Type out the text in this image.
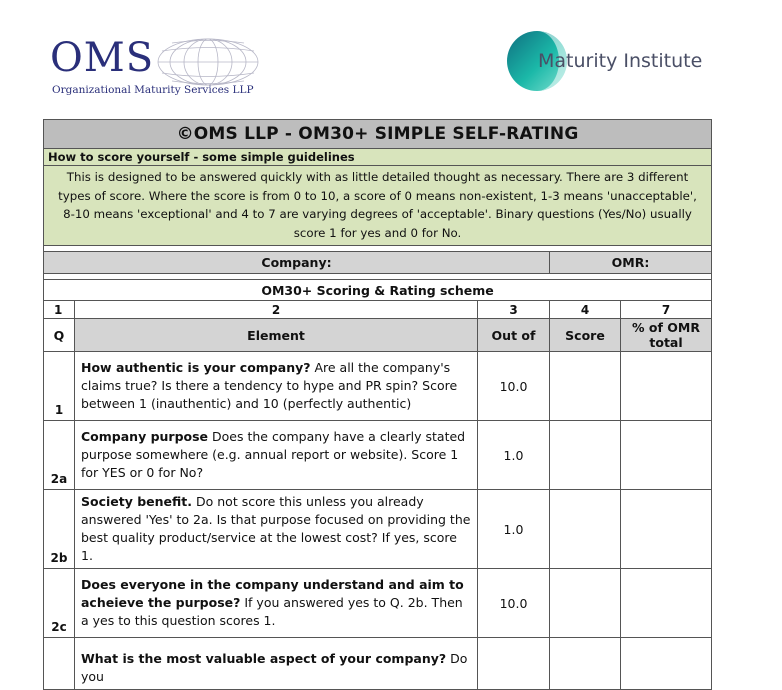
OMS
Organizational Maturity Services LLP
Maturity Institute
©OMS LLP - OM30+ SIMPLE SELF-RATING				
How to score yourself - some simple guidelines				
This is designed to be answered quickly with as little detailed thought as necessary. There are 3 different types of score. Where the score is from 0 to 10, a score of 0 means non-existent, 1-3 means 'unacceptable', 8-10 means 'exceptional' and 4 to 7 are varying degrees of 'acceptable'. Binary questions (Yes/No) usually score 1 for yes and 0 for No.				

Company:			OMR:	

OM30+ Scoring & Rating scheme				
1	2	3	4	7
Q	Element	Out of	Score	% of OMR total
1	How authentic is your company? Are all the company's claims true? Is there a tendency to hype and PR spin? Score between 1 (inauthentic) and 10 (perfectly authentic)	10.0		
2a	Company purpose Does the company have a clearly stated purpose somewhere (e.g. annual report or website). Score 1 for YES or 0 for No?	1.0		
2b	Society benefit. Do not score this unless you already answered 'Yes' to 2a. Is that purpose focused on providing the best quality product/service at the lowest cost? If yes, score 1.	1.0		
2c	Does everyone in the company understand and aim to acheieve the purpose? If you answered yes to Q. 2b. Then a yes to this question scores 1.	10.0		
	What is the most valuable aspect of your company? Do you			
